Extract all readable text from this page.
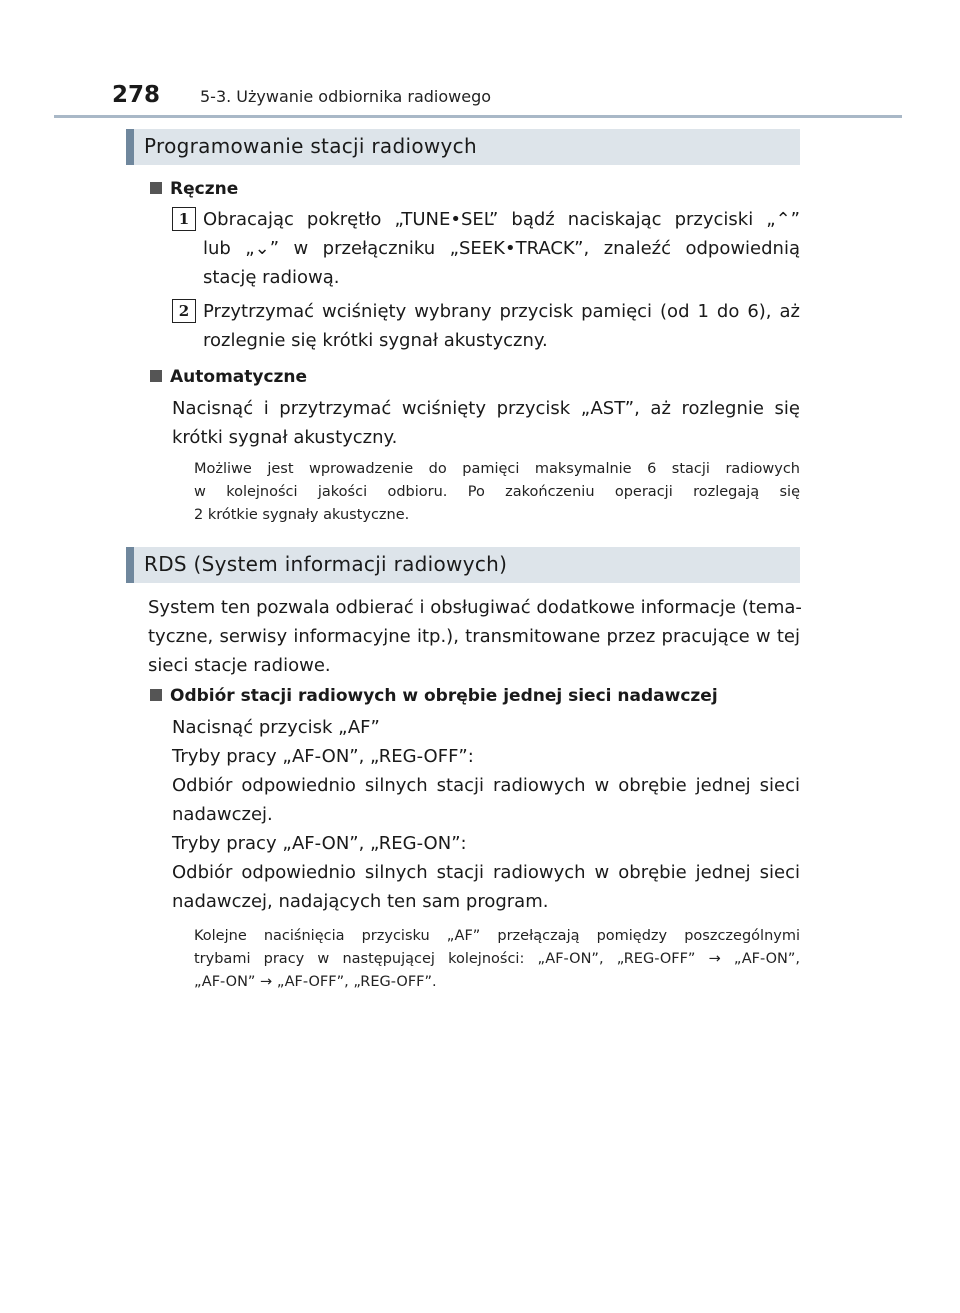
278 5-3. Używanie odbiornika radiowego
Programowanie stacji radiowych
Ręczne
1 Obracając pokrętło „TUNE•SEL” bądź naciskając przyciski „⌃”
lub „⌄” w przełączniku „SEEK•TRACK”, znaleźć odpowiednią
stację radiową.
2 Przytrzymać wciśnięty wybrany przycisk pamięci (od 1 do 6), aż
rozlegnie się krótki sygnał akustyczny.
Automatyczne
Nacisnąć i przytrzymać wciśnięty przycisk „AST”, aż rozlegnie się
krótki sygnał akustyczny.
Możliwe jest wprowadzenie do pamięci maksymalnie 6 stacji radiowych
w kolejności jakości odbioru. Po zakończeniu operacji rozlegają się
2 krótkie sygnały akustyczne.
RDS (System informacji radiowych)
System ten pozwala odbierać i obsługiwać dodatkowe informacje (tema-
tyczne, serwisy informacyjne itp.), transmitowane przez pracujące w tej
sieci stacje radiowe.
Odbiór stacji radiowych w obrębie jednej sieci nadawczej
Nacisnąć przycisk „AF”
Tryby pracy „AF-ON”, „REG-OFF”:
Odbiór odpowiednio silnych stacji radiowych w obrębie jednej sieci
nadawczej.
Tryby pracy „AF-ON”, „REG-ON”:
Odbiór odpowiednio silnych stacji radiowych w obrębie jednej sieci
nadawczej, nadających ten sam program.
Kolejne naciśnięcia przycisku „AF” przełączają pomiędzy poszczególnymi
trybami pracy w następującej kolejności: „AF-ON”, „REG-OFF” → „AF-ON”,
„AF-ON” → „AF-OFF”, „REG-OFF”.
